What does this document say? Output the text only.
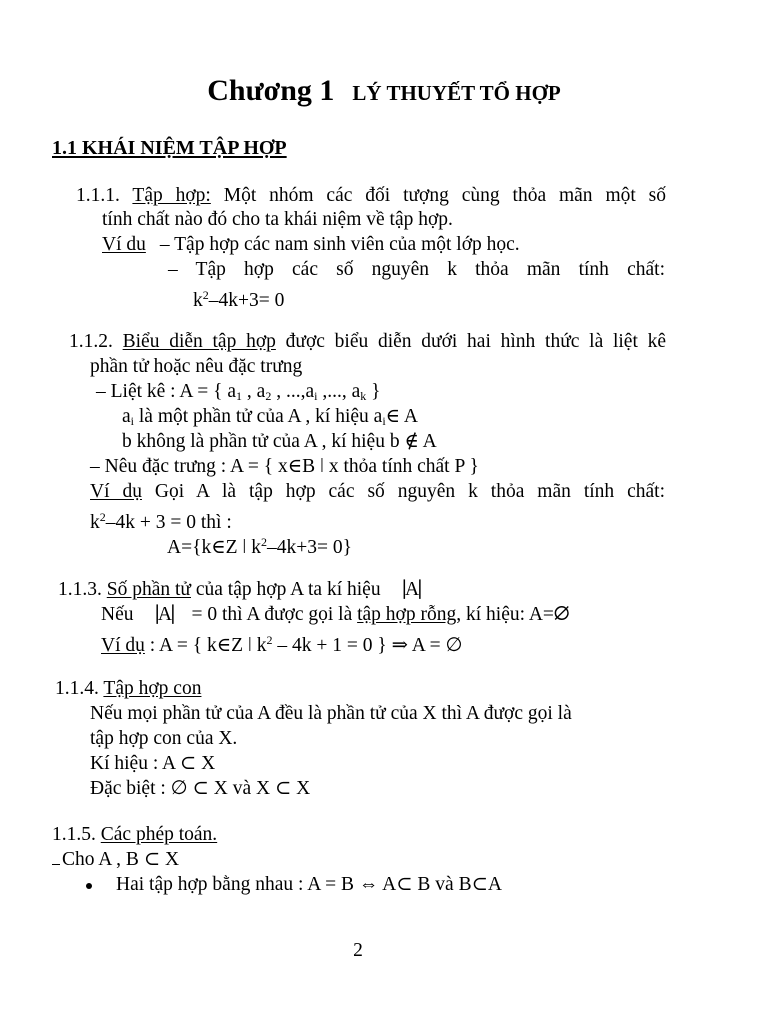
Chương 1 LÝ THUYẾT TỔ HỢP
1.1 KHÁI NIỆM TẬP HỢP
1.1.1. Tập hợp: Một nhóm các đối tượng cùng thỏa mãn một số
tính chất nào đó cho ta khái niệm về tập hợp.
Ví du – Tập hợp các nam sinh viên của một lớp học.
– Tập hợp các số nguyên k thỏa mãn tính chất:
$k^2-4k+3= 0$
1.1.2. Biểu diễn tập hợp được biểu diễn dưới hai hình thức là liệt kê
phần tử hoặc nêu đặc trưng
– Liệt kê : A = { $a_1$ , $a_2$ , $...,a_i$ ,..., $a_k$ }
$a_i$ là một phần tử của A , kí hiệu $a_i\in$ A
b không là phần tử của A , kí hiệu b ∉ A
– Nêu đặc trưng : A = { x∈B ǀ x thỏa tính chất P }
Ví dụ Gọi A là tập hợp các số nguyên k thỏa mãn tính chất:
$k^2-4k + 3 = 0$ thì :
A={k∈Z ǀ $k^2-4k+3= 0$}
1.1.3. Số phần tử của tập hợp A ta kí hiệu ⎹A⎸
Nếu ⎹A⎸= 0 thì A được gọi là tập hợp rỗng, kí hiệu: A=∅
Ví dụ : A = { k∈Z ǀ $k^2 - 4k + 1 = 0$ } ⇒ A = ∅
1.1.4. Tập hợp con
Nếu mọi phần tử của A đều là phần tử của X thì A được gọi là
tập hợp con của X.
Kí hiệu : A ⊂ X
Đặc biệt : ∅ ⊂ X và X ⊂ X
1.1.5. Các phép toán.
Cho A , B ⊂ X
Hai tập hợp bằng nhau : A = B ⇔ A⊂ B và B⊂A
2
